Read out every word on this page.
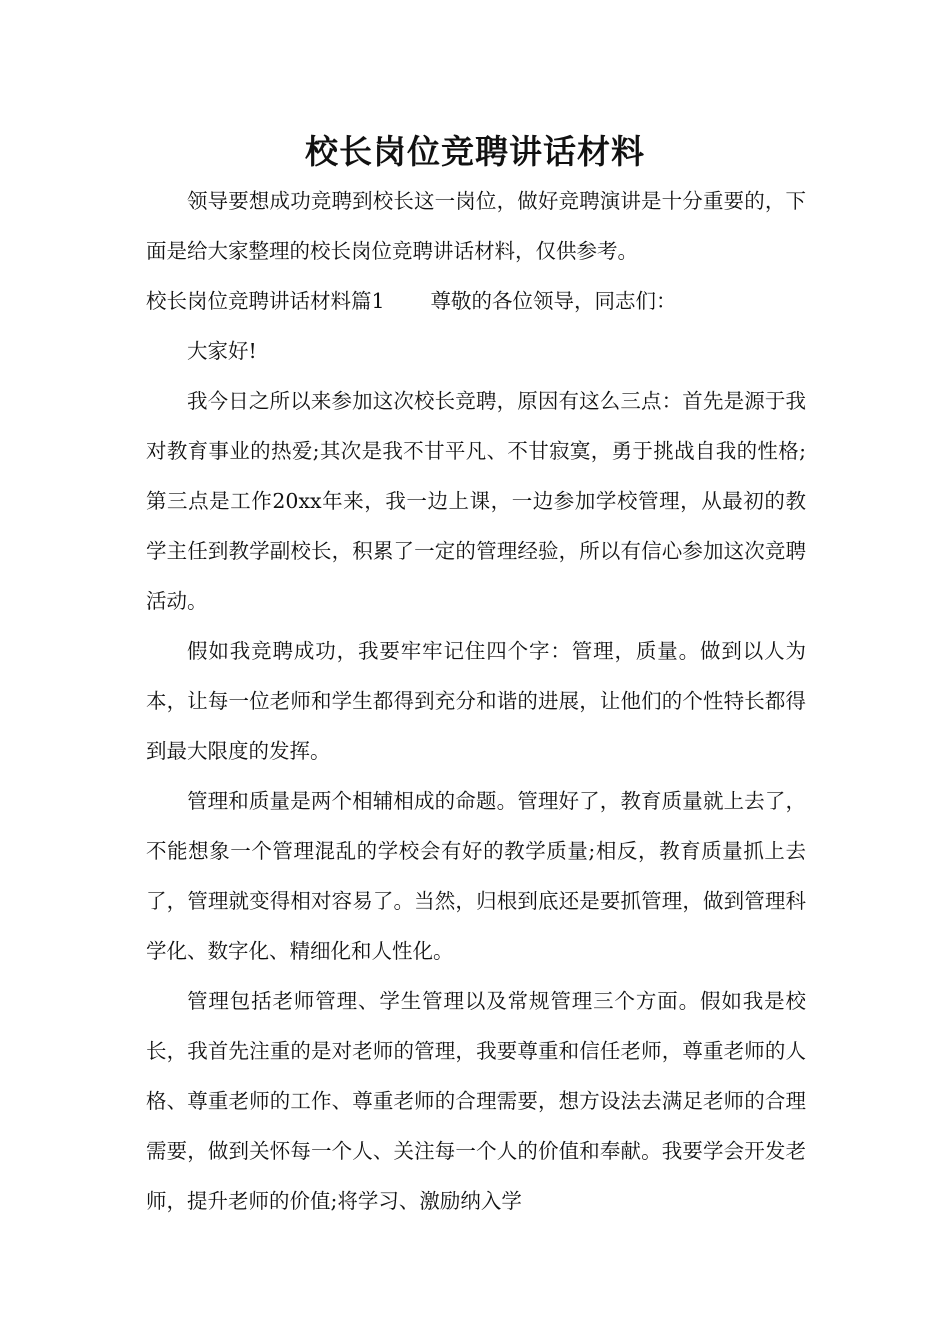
校长岗位竞聘讲话材料

领导要想成功竞聘到校长这一岗位，做好竞聘演讲是十分重要的，下面是给大家整理的校长岗位竞聘讲话材料，仅供参考。

校长岗位竞聘讲话材料篇1 尊敬的各位领导，同志们：

大家好!

我今日之所以来参加这次校长竞聘，原因有这么三点：首先是源于我对教育事业的热爱;其次是我不甘平凡、不甘寂寞，勇于挑战自我的性格;第三点是工作20xx年来，我一边上课，一边参加学校管理，从最初的教学主任到教学副校长，积累了一定的管理经验，所以有信心参加这次竞聘活动。

假如我竞聘成功，我要牢牢记住四个字：管理，质量。做到以人为本，让每一位老师和学生都得到充分和谐的进展，让他们的个性特长都得到最大限度的发挥。

管理和质量是两个相辅相成的命题。管理好了，教育质量就上去了，不能想象一个管理混乱的学校会有好的教学质量;相反，教育质量抓上去了，管理就变得相对容易了。当然，归根到底还是要抓管理，做到管理科学化、数字化、精细化和人性化。

管理包括老师管理、学生管理以及常规管理三个方面。假如我是校长，我首先注重的是对老师的管理，我要尊重和信任老师，尊重老师的人格、尊重老师的工作、尊重老师的合理需要，想方设法去满足老师的合理需要，做到关怀每一个人、关注每一个人的价值和奉献。我要学会开发老师，提升老师的价值;将学习、激励纳入学
